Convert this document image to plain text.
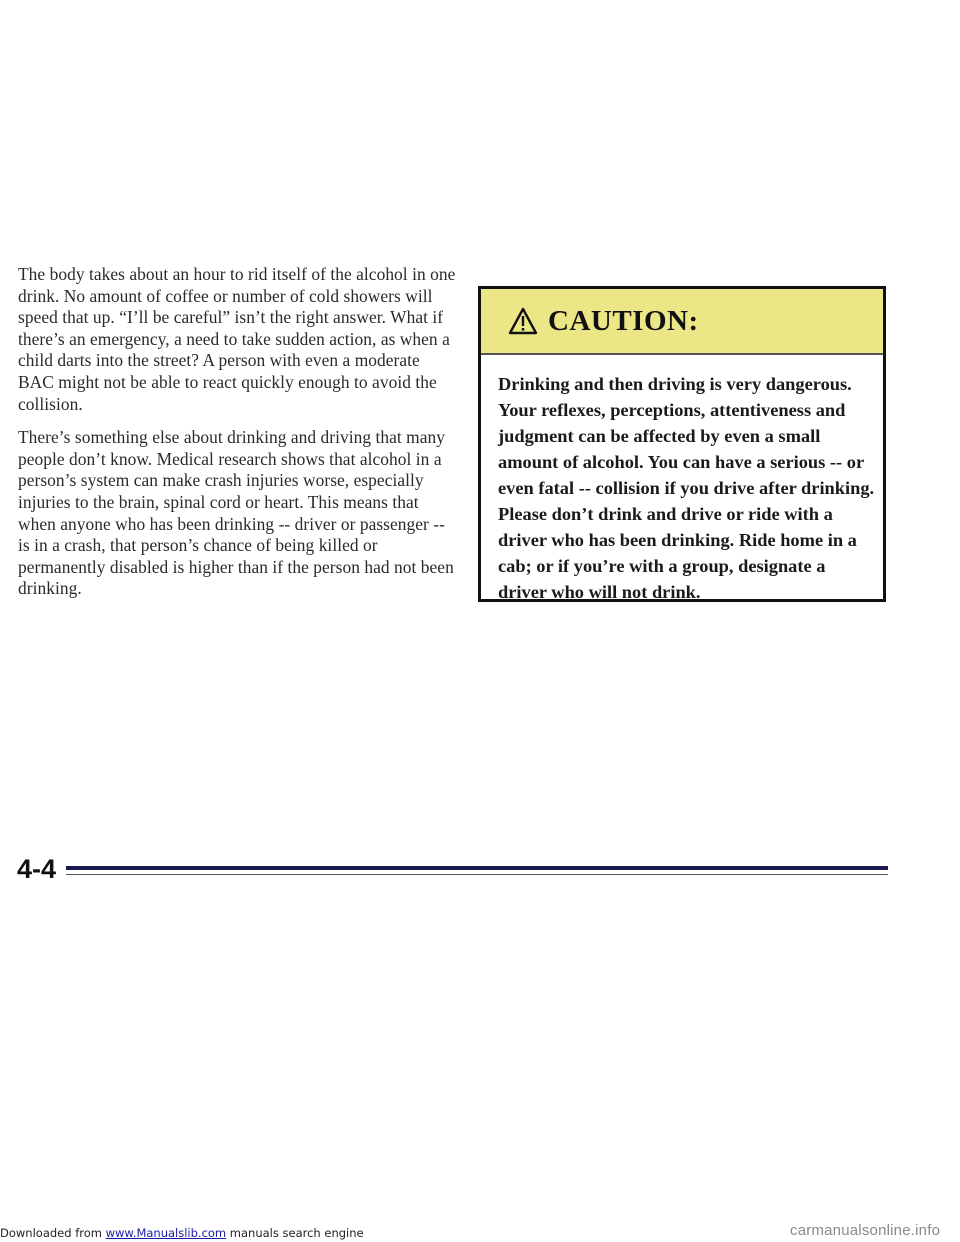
The body takes about an hour to rid itself of the alcohol in one drink. No amount of coffee or number of cold showers will speed that up. “I’ll be careful” isn’t the right answer. What if there’s an emergency, a need to take sudden action, as when a child darts into the street? A person with even a moderate BAC might not be able to react quickly enough to avoid the collision.

There’s something else about drinking and driving that many people don’t know. Medical research shows that alcohol in a person’s system can make crash injuries worse, especially injuries to the brain, spinal cord or heart. This means that when anyone who has been drinking -- driver or passenger -- is in a crash, that person’s chance of being killed or permanently disabled is higher than if the person had not been drinking.

CAUTION:

Drinking and then driving is very dangerous. Your reflexes, perceptions, attentiveness and judgment can be affected by even a small amount of alcohol. You can have a serious -- or even fatal -- collision if you drive after drinking. Please don’t drink and drive or ride with a driver who has been drinking. Ride home in a cab; or if you’re with a group, designate a driver who will not drink.

4-4
Downloaded from www.Manualslib.com manuals search engine	carmanualsonline.info
